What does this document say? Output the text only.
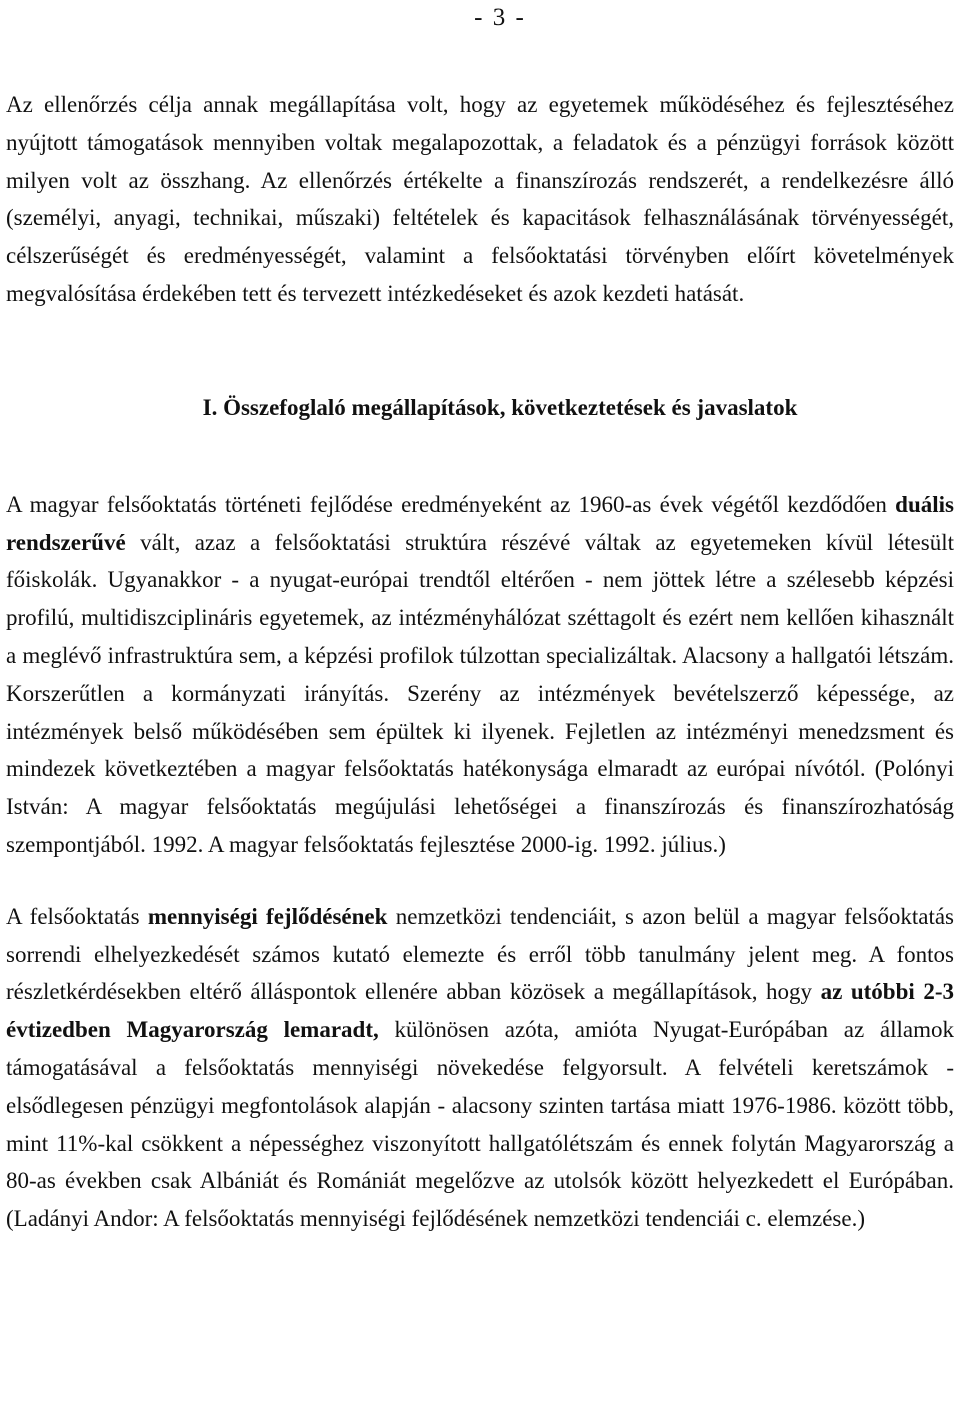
- 3 -

Az ellenőrzés célja annak megállapítása volt, hogy az egyetemek működéséhez és fejlesztéséhez nyújtott támogatások mennyiben voltak megalapozottak, a feladatok és a pénzügyi források között milyen volt az összhang. Az ellenőrzés értékelte a finanszírozás rendszerét, a rendelkezésre álló (személyi, anyagi, technikai, műszaki) feltételek és kapacitások felhasználásának törvényességét, célszerűségét és eredményességét, valamint a felsőoktatási törvényben előírt követelmények megvalósítása érdekében tett és tervezett intézkedéseket és azok kezdeti hatását.

I. Összefoglaló megállapítások, következtetések és javaslatok

A magyar felsőoktatás történeti fejlődése eredményeként az 1960-as évek végétől kezdődően duális rendszerűvé vált, azaz a felsőoktatási struktúra részévé váltak az egyetemeken kívül létesült főiskolák. Ugyanakkor - a nyugat-európai trendtől eltérően - nem jöttek létre a szélesebb képzési profilú, multidiszciplináris egyetemek, az intézményhálózat széttagolt és ezért nem kellően kihasznált a meglévő infrastruktúra sem, a képzési profilok túlzottan specializáltak. Alacsony a hallgatói létszám. Korszerűtlen a kormányzati irányítás. Szerény az intézmények bevételszerző képessége, az intézmények belső működésében sem épültek ki ilyenek. Fejletlen az intézményi menedzsment és mindezek következtében a magyar felsőoktatás hatékonysága elmaradt az európai nívótól. (Polónyi István: A magyar felsőoktatás megújulási lehetőségei a finanszírozás és finanszírozhatóság szempontjából. 1992. A magyar felsőoktatás fejlesztése 2000-ig. 1992. július.)

A felsőoktatás mennyiségi fejlődésének nemzetközi tendenciáit, s azon belül a magyar felsőoktatás sorrendi elhelyezkedését számos kutató elemezte és erről több tanulmány jelent meg. A fontos részletkérdésekben eltérő álláspontok ellenére abban közösek a megállapítások, hogy az utóbbi 2-3 évtizedben Magyarország lemaradt, különösen azóta, amióta Nyugat-Európában az államok támogatásával a felsőoktatás mennyiségi növekedése felgyorsult. A felvételi keretszámok - elsődlegesen pénzügyi megfontolások alapján - alacsony szinten tartása miatt 1976-1986. között több, mint 11%-kal csökkent a népességhez viszonyított hallgatólétszám és ennek folytán Magyarország a 80-as években csak Albániát és Romániát megelőzve az utolsók között helyezkedett el Európában. (Ladányi Andor: A felsőoktatás mennyiségi fejlődésének nemzetközi tendenciái c. elemzése.)
